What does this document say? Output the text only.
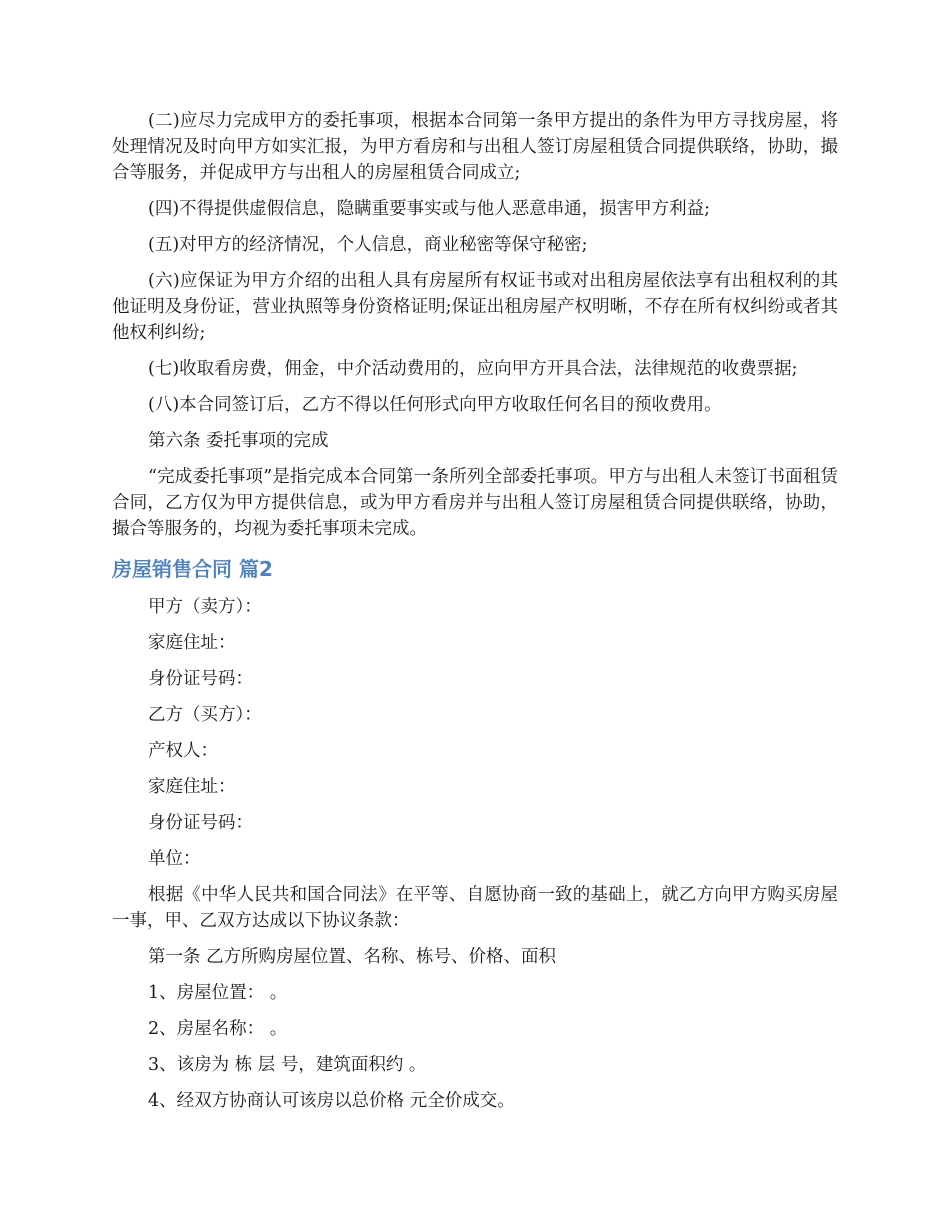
(二)应尽力完成甲方的委托事项，根据本合同第一条甲方提出的条件为甲方寻找房屋，将处理情况及时向甲方如实汇报，为甲方看房和与出租人签订房屋租赁合同提供联络，协助，撮合等服务，并促成甲方与出租人的房屋租赁合同成立;

(四)不得提供虚假信息，隐瞒重要事实或与他人恶意串通，损害甲方利益;

(五)对甲方的经济情况，个人信息，商业秘密等保守秘密;

(六)应保证为甲方介绍的出租人具有房屋所有权证书或对出租房屋依法享有出租权利的其他证明及身份证，营业执照等身份资格证明;保证出租房屋产权明晰，不存在所有权纠纷或者其他权利纠纷;

(七)收取看房费，佣金，中介活动费用的，应向甲方开具合法，法律规范的收费票据;

(八)本合同签订后，乙方不得以任何形式向甲方收取任何名目的预收费用。

第六条 委托事项的完成

“完成委托事项”是指完成本合同第一条所列全部委托事项。甲方与出租人未签订书面租赁合同，乙方仅为甲方提供信息，或为甲方看房并与出租人签订房屋租赁合同提供联络，协助，撮合等服务的，均视为委托事项未完成。

房屋销售合同 篇2

甲方（卖方）：

家庭住址：

身份证号码：

乙方（买方）：

产权人：

家庭住址：

身份证号码：

单位：

根据《中华人民共和国合同法》在平等、自愿协商一致的基础上，就乙方向甲方购买房屋一事，甲、乙双方达成以下协议条款：

第一条 乙方所购房屋位置、名称、栋号、价格、面积

1、房屋位置： 。

2、房屋名称： 。

3、该房为 栋 层 号，建筑面积约 。

4、经双方协商认可该房以总价格 元全价成交。
